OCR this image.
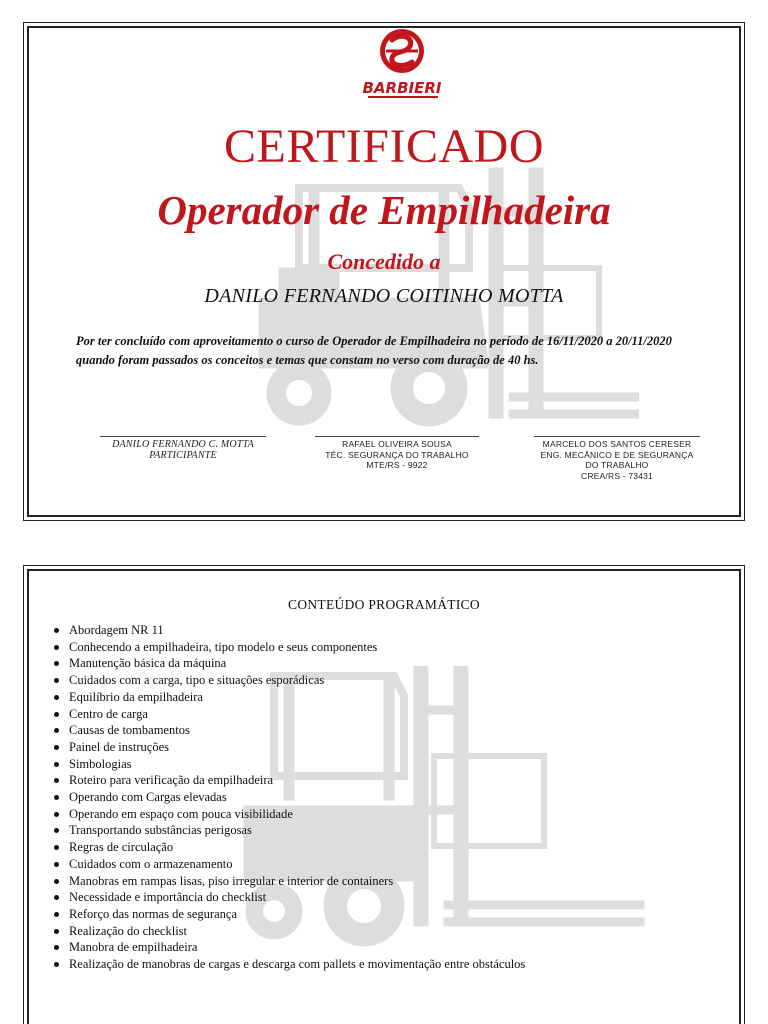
BARBIERI
CERTIFICADO
Operador de Empilhadeira
Concedido a
DANILO FERNANDO COITINHO MOTTA
Por ter concluído com aproveitamento o curso de Operador de Empilhadeira no período de 16/11/2020 a 20/11/2020 quando foram passados os conceitos e temas que constam no verso com duração de 40 hs.
DANILO FERNANDO C. MOTTA
PARTICIPANTE
RAFAEL OLIVEIRA SOUSA
TÉC. SEGURANÇA DO TRABALHO
MTE/RS - 9922
MARCELO DOS SANTOS CERESER
ENG. MECÂNICO E DE SEGURANÇA
DO TRABALHO
CREA/RS - 73431
CONTEÚDO PROGRAMÁTICO
Abordagem NR 11
Conhecendo a empilhadeira, tipo modelo e seus componentes
Manutenção básica da máquina
Cuidados com a carga, tipo e situações esporádicas
Equilíbrio da empilhadeira
Centro de carga
Causas de tombamentos
Painel de instruções
Simbologias
Roteiro para verificação da empilhadeira
Operando com Cargas elevadas
Operando em espaço com pouca visibilidade
Transportando substâncias perigosas
Regras de circulação
Cuidados com o armazenamento
Manobras em rampas lisas, piso irregular e interior de containers
Necessidade e importância do checklist
Reforço das normas de segurança
Realização do checklist
Manobra de empilhadeira
Realização de manobras de cargas e descarga com pallets e movimentação entre obstáculos
